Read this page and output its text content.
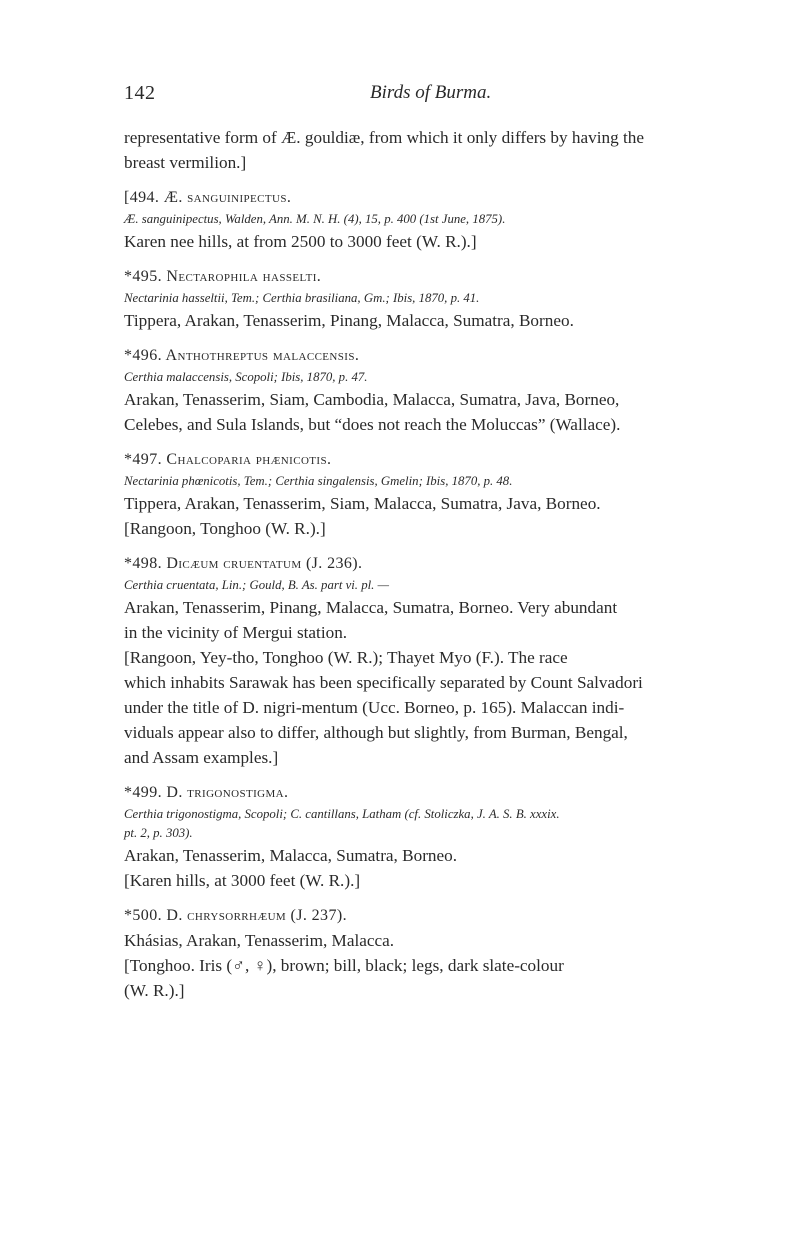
142	Birds of Burma.

representative form of Æ. gouldiæ, from which it only differs by having the

breast vermilion.]

[494. Æ. sanguinipectus.

Æ. sanguinipectus, Walden, Ann. M. N. H. (4), 15, p. 400 (1st June, 1875).

Karen nee hills, at from 2500 to 3000 feet (W. R.).]

*495. Nectarophila hasselti.

Nectarinia hasseltii, Tem.; Certhia brasiliana, Gm.; Ibis, 1870, p. 41.

Tippera, Arakan, Tenasserim, Pinang, Malacca, Sumatra, Borneo.

*496. Anthothreptus malaccensis.

Certhia malaccensis, Scopoli; Ibis, 1870, p. 47.

Arakan, Tenasserim, Siam, Cambodia, Malacca, Sumatra, Java, Borneo,

Celebes, and Sula Islands, but “does not reach the Moluccas” (Wallace).

*497. Chalcoparia phænicotis.

Nectarinia phœnicotis, Tem.; Certhia singalensis, Gmelin; Ibis, 1870, p. 48.

Tippera, Arakan, Tenasserim, Siam, Malacca, Sumatra, Java, Borneo.

[Rangoon, Tonghoo (W. R.).]

*498. Dicæum cruentatum (J. 236).

Certhia cruentata, Lin.; Gould, B. As. part vi. pl. —

Arakan, Tenasserim, Pinang, Malacca, Sumatra, Borneo. Very abundant

in the vicinity of Mergui station.

[Rangoon, Yey-tho, Tonghoo (W. R.); Thayet Myo (F.). The race

which inhabits Sarawak has been specifically separated by Count Salvadori

under the title of D. nigri-mentum (Ucc. Borneo, p. 165). Malaccan indi-

viduals appear also to differ, although but slightly, from Burman, Bengal,

and Assam examples.]

*499. D. trigonostigma.

Certhia trigonostigma, Scopoli; C. cantillans, Latham (cf. Stoliczka, J. A. S. B. xxxix.

pt. 2, p. 303).

Arakan, Tenasserim, Malacca, Sumatra, Borneo.

[Karen hills, at 3000 feet (W. R.).]

*500. D. chrysorrhæum (J. 237).

Khásias, Arakan, Tenasserim, Malacca.

[Tonghoo. Iris (♂, ♀), brown; bill, black; legs, dark slate-colour

(W. R.).]
